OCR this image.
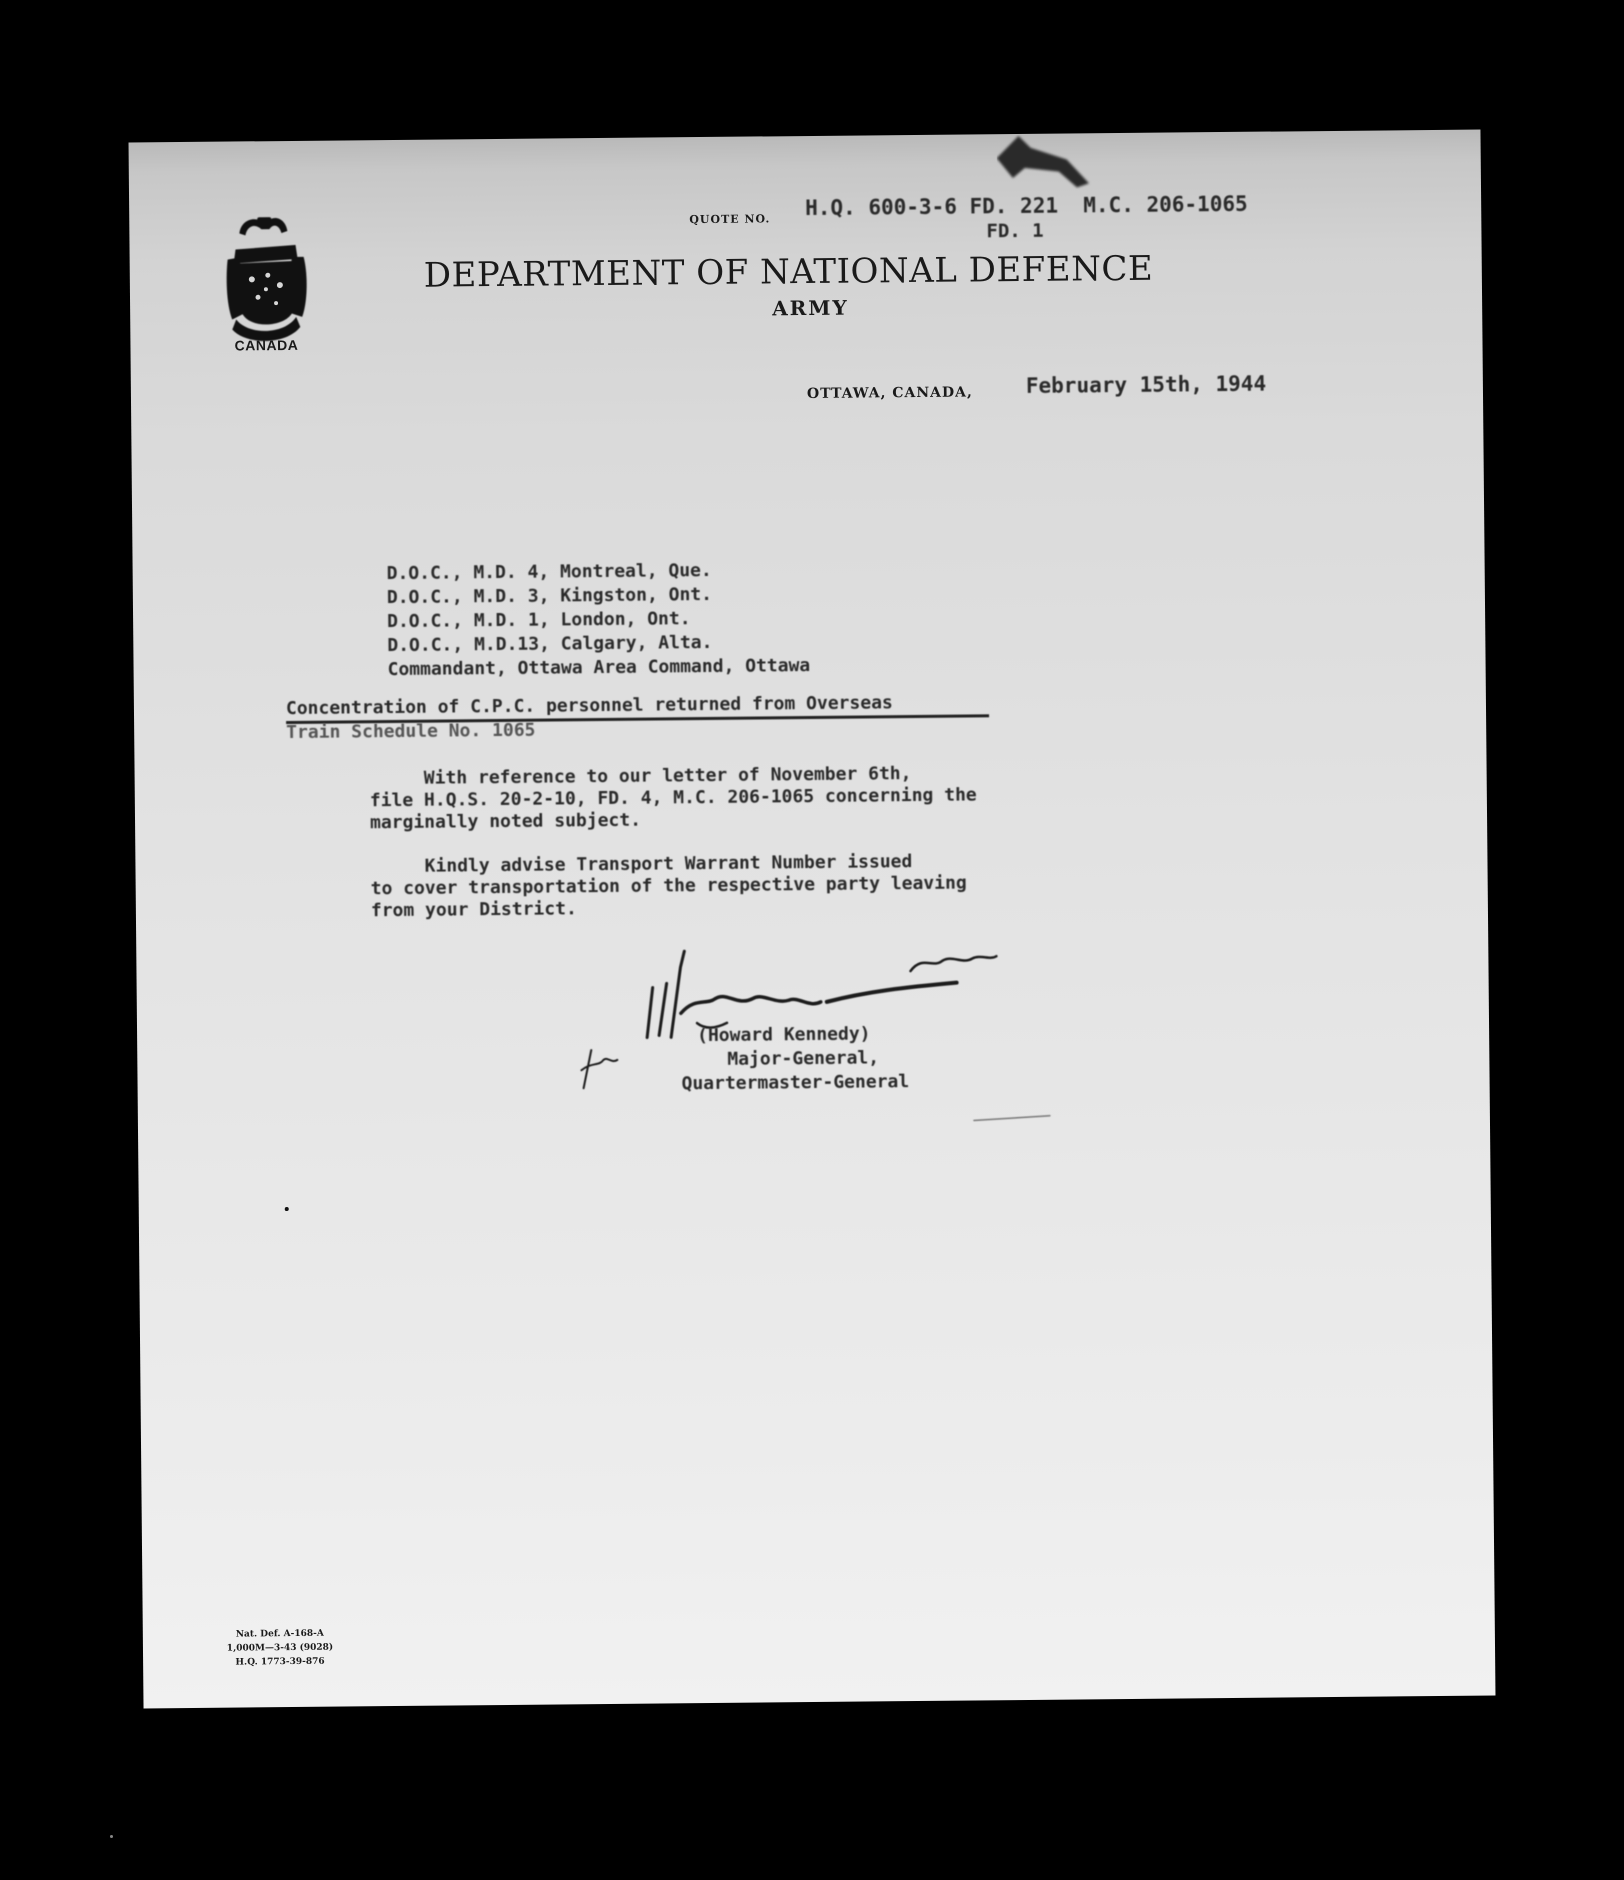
CANADA
QUOTE NO. H.Q. 600-3-6 FD. 221  M.C. 206-1065
FD. 1
DEPARTMENT OF NATIONAL DEFENCE
ARMY
OTTAWA, CANADA,	February 15th, 1944
D.O.C., M.D. 4, Montreal, Que.
D.O.C., M.D. 3, Kingston, Ont.
D.O.C., M.D. 1, London, Ont.
D.O.C., M.D.13, Calgary, Alta.
Commandant, Ottawa Area Command, Ottawa
Concentration of C.P.C. personnel returned from Overseas
Train Schedule No. 1065
With reference to our letter of November 6th,
file H.Q.S. 20-2-10, FD. 4, M.C. 206-1065 concerning the
marginally noted subject.
Kindly advise Transport Warrant Number issued
to cover transportation of the respective party leaving
from your District.
(Howard Kennedy)
Major-General,
Quartermaster-General
Nat. Def. A-168-A
1,000M—3-43 (9028)
H.Q. 1773-39-876
